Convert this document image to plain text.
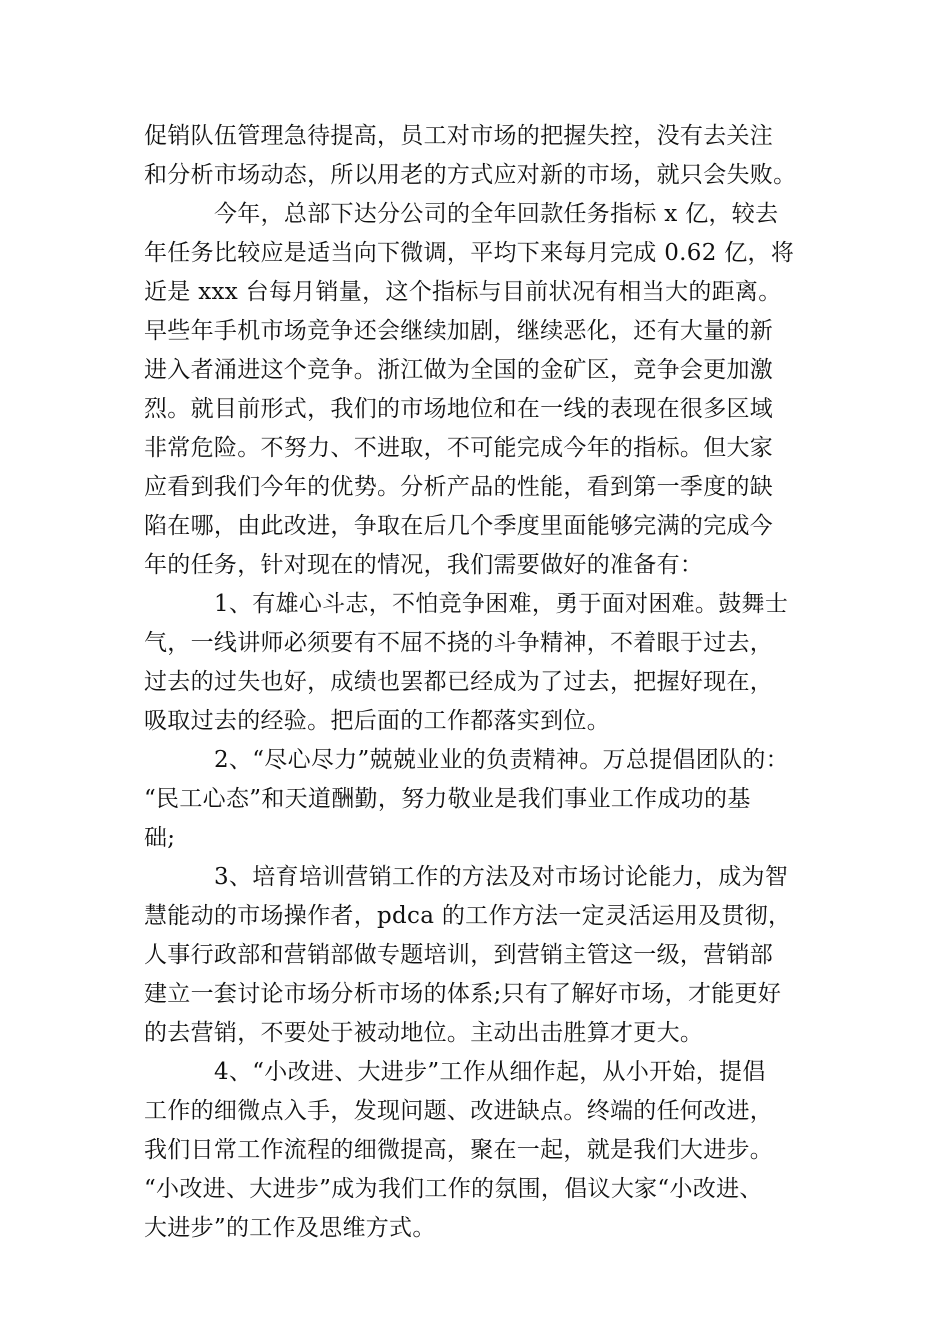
促销队伍管理急待提高，员工对市场的把握失控，没有去关注
和分析市场动态，所以用老的方式应对新的市场，就只会失败。
今年，总部下达分公司的全年回款任务指标 x 亿，较去
年任务比较应是适当向下微调，平均下来每月完成 0.62 亿，将
近是 xxx 台每月销量，这个指标与目前状况有相当大的距离。
早些年手机市场竞争还会继续加剧，继续恶化，还有大量的新
进入者涌进这个竞争。浙江做为全国的金矿区，竞争会更加激
烈。就目前形式，我们的市场地位和在一线的表现在很多区域
非常危险。不努力、不进取，不可能完成今年的指标。但大家
应看到我们今年的优势。分析产品的性能，看到第一季度的缺
陷在哪，由此改进，争取在后几个季度里面能够完满的完成今
年的任务，针对现在的情况，我们需要做好的准备有：
1、有雄心斗志，不怕竞争困难，勇于面对困难。鼓舞士
气，一线讲师必须要有不屈不挠的斗争精神，不着眼于过去，
过去的过失也好，成绩也罢都已经成为了过去，把握好现在，
吸取过去的经验。把后面的工作都落实到位。
2、“尽心尽力”兢兢业业的负责精神。万总提倡团队的：
“民工心态”和天道酬勤，努力敬业是我们事业工作成功的基
础;
3、培育培训营销工作的方法及对市场讨论能力，成为智
慧能动的市场操作者，pdca 的工作方法一定灵活运用及贯彻，
人事行政部和营销部做专题培训，到营销主管这一级，营销部
建立一套讨论市场分析市场的体系;只有了解好市场，才能更好
的去营销，不要处于被动地位。主动出击胜算才更大。
4、“小改进、大进步”工作从细作起，从小开始，提倡
工作的细微点入手，发现问题、改进缺点。终端的任何改进，
我们日常工作流程的细微提高，聚在一起，就是我们大进步。
“小改进、大进步”成为我们工作的氛围，倡议大家“小改进、
大进步”的工作及思维方式。
